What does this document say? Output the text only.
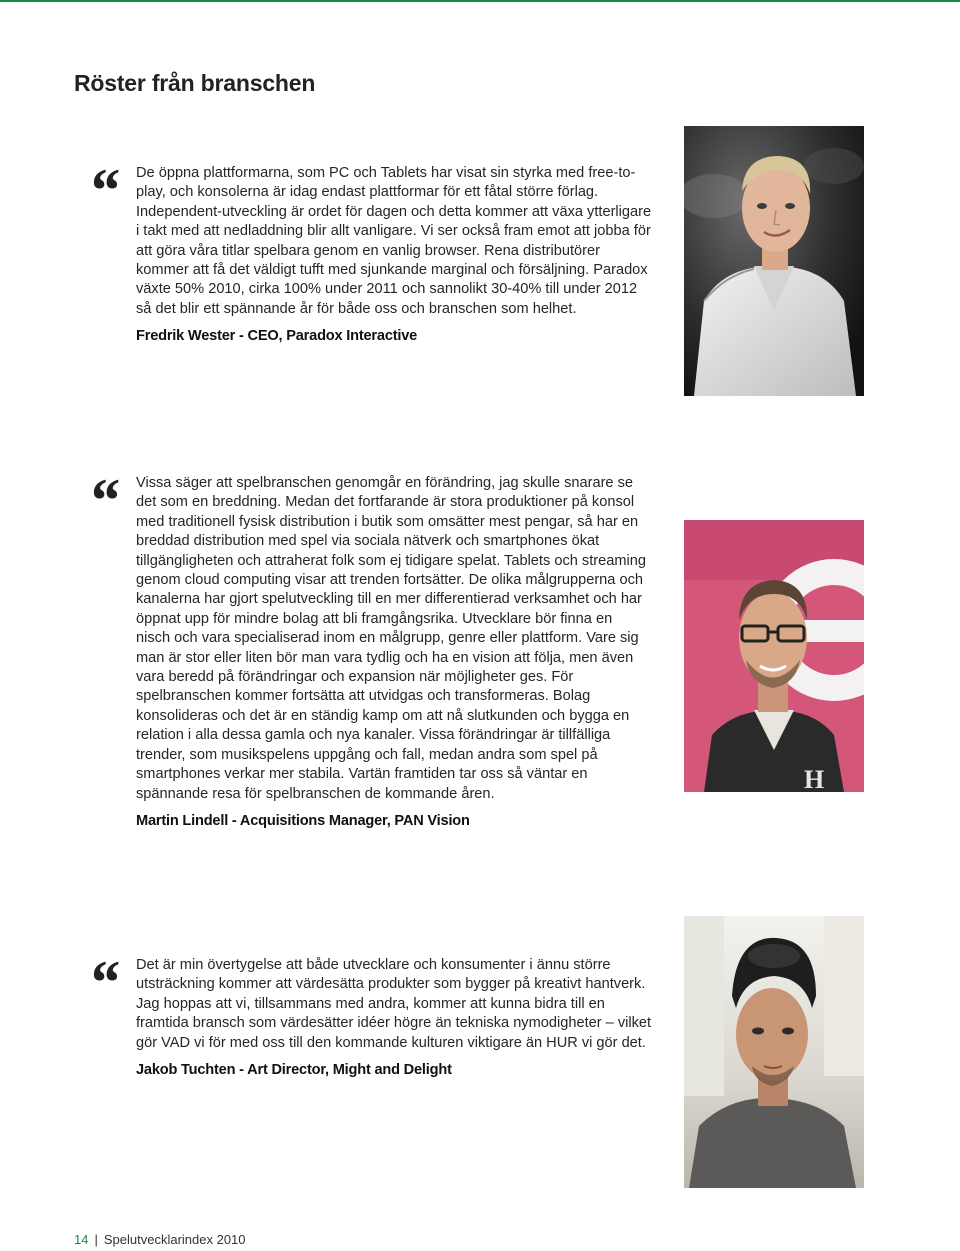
Röster från branschen
“ De öppna plattformarna, som PC och Tablets har visat sin styrka med free-to-play, och konsolerna är idag endast plattformar för ett fåtal större förlag. Independent-utveckling är ordet för dagen och detta kommer att växa ytterligare i takt med att nedladdning blir allt vanligare. Vi ser också fram emot att jobba för att göra våra titlar spelbara genom en vanlig browser. Rena distributörer kommer att få det väldigt tufft med sjunkande marginal och försäljning. Paradox växte 50% 2010, cirka 100% under 2011 och sannolikt 30-40% till under 2012 så det blir ett spännande år för både oss och branschen som helhet.

Fredrik Wester - CEO, Paradox Interactive

“ Vissa säger att spelbranschen genomgår en förändring, jag skulle snarare se det som en breddning. Medan det fortfarande är stora produktioner på konsol med traditionell fysisk distribution i butik som omsätter mest pengar, så har en breddad distribution med spel via sociala nätverk och smartphones ökat tillgängligheten och attraherat folk som ej tidigare spelat. Tablets och streaming genom cloud computing visar att trenden fortsätter. De olika målgrupperna och kanalerna har gjort spelutveckling till en mer differentierad verksamhet och har öppnat upp för mindre bolag att bli framgångsrika. Utvecklare bör finna en nisch och vara specialiserad inom en målgrupp, genre eller plattform. Vare sig man är stor eller liten bör man vara tydlig och ha en vision att följa, men även vara beredd på förändringar och expansion när möjligheter ges. För spelbranschen kommer fortsätta att utvidgas och transformeras. Bolag konsolideras och det är en ständig kamp om att nå slutkunden och bygga en relation i alla dessa gamla och nya kanaler. Vissa förändringar är tillfälliga trender, som musikspelens uppgång och fall, medan andra som spel på smartphones verkar mer stabila. Vartän framtiden tar oss så väntar en spännande resa för spelbranschen de kommande åren.

Martin Lindell - Acquisitions Manager, PAN Vision

H
“ Det är min övertygelse att både utvecklare och konsumenter i ännu större utsträckning kommer att värdesätta produkter som bygger på kreativt hantverk. Jag hoppas att vi, tillsammans med andra, kommer att kunna bidra till en framtida bransch som värdesätter idéer högre än tekniska nymodigheter – vilket gör VAD vi för med oss till den kommande kulturen viktigare än HUR vi gör det.

Jakob Tuchten - Art Director, Might and Delight

14 | Spelutvecklarindex 2010
